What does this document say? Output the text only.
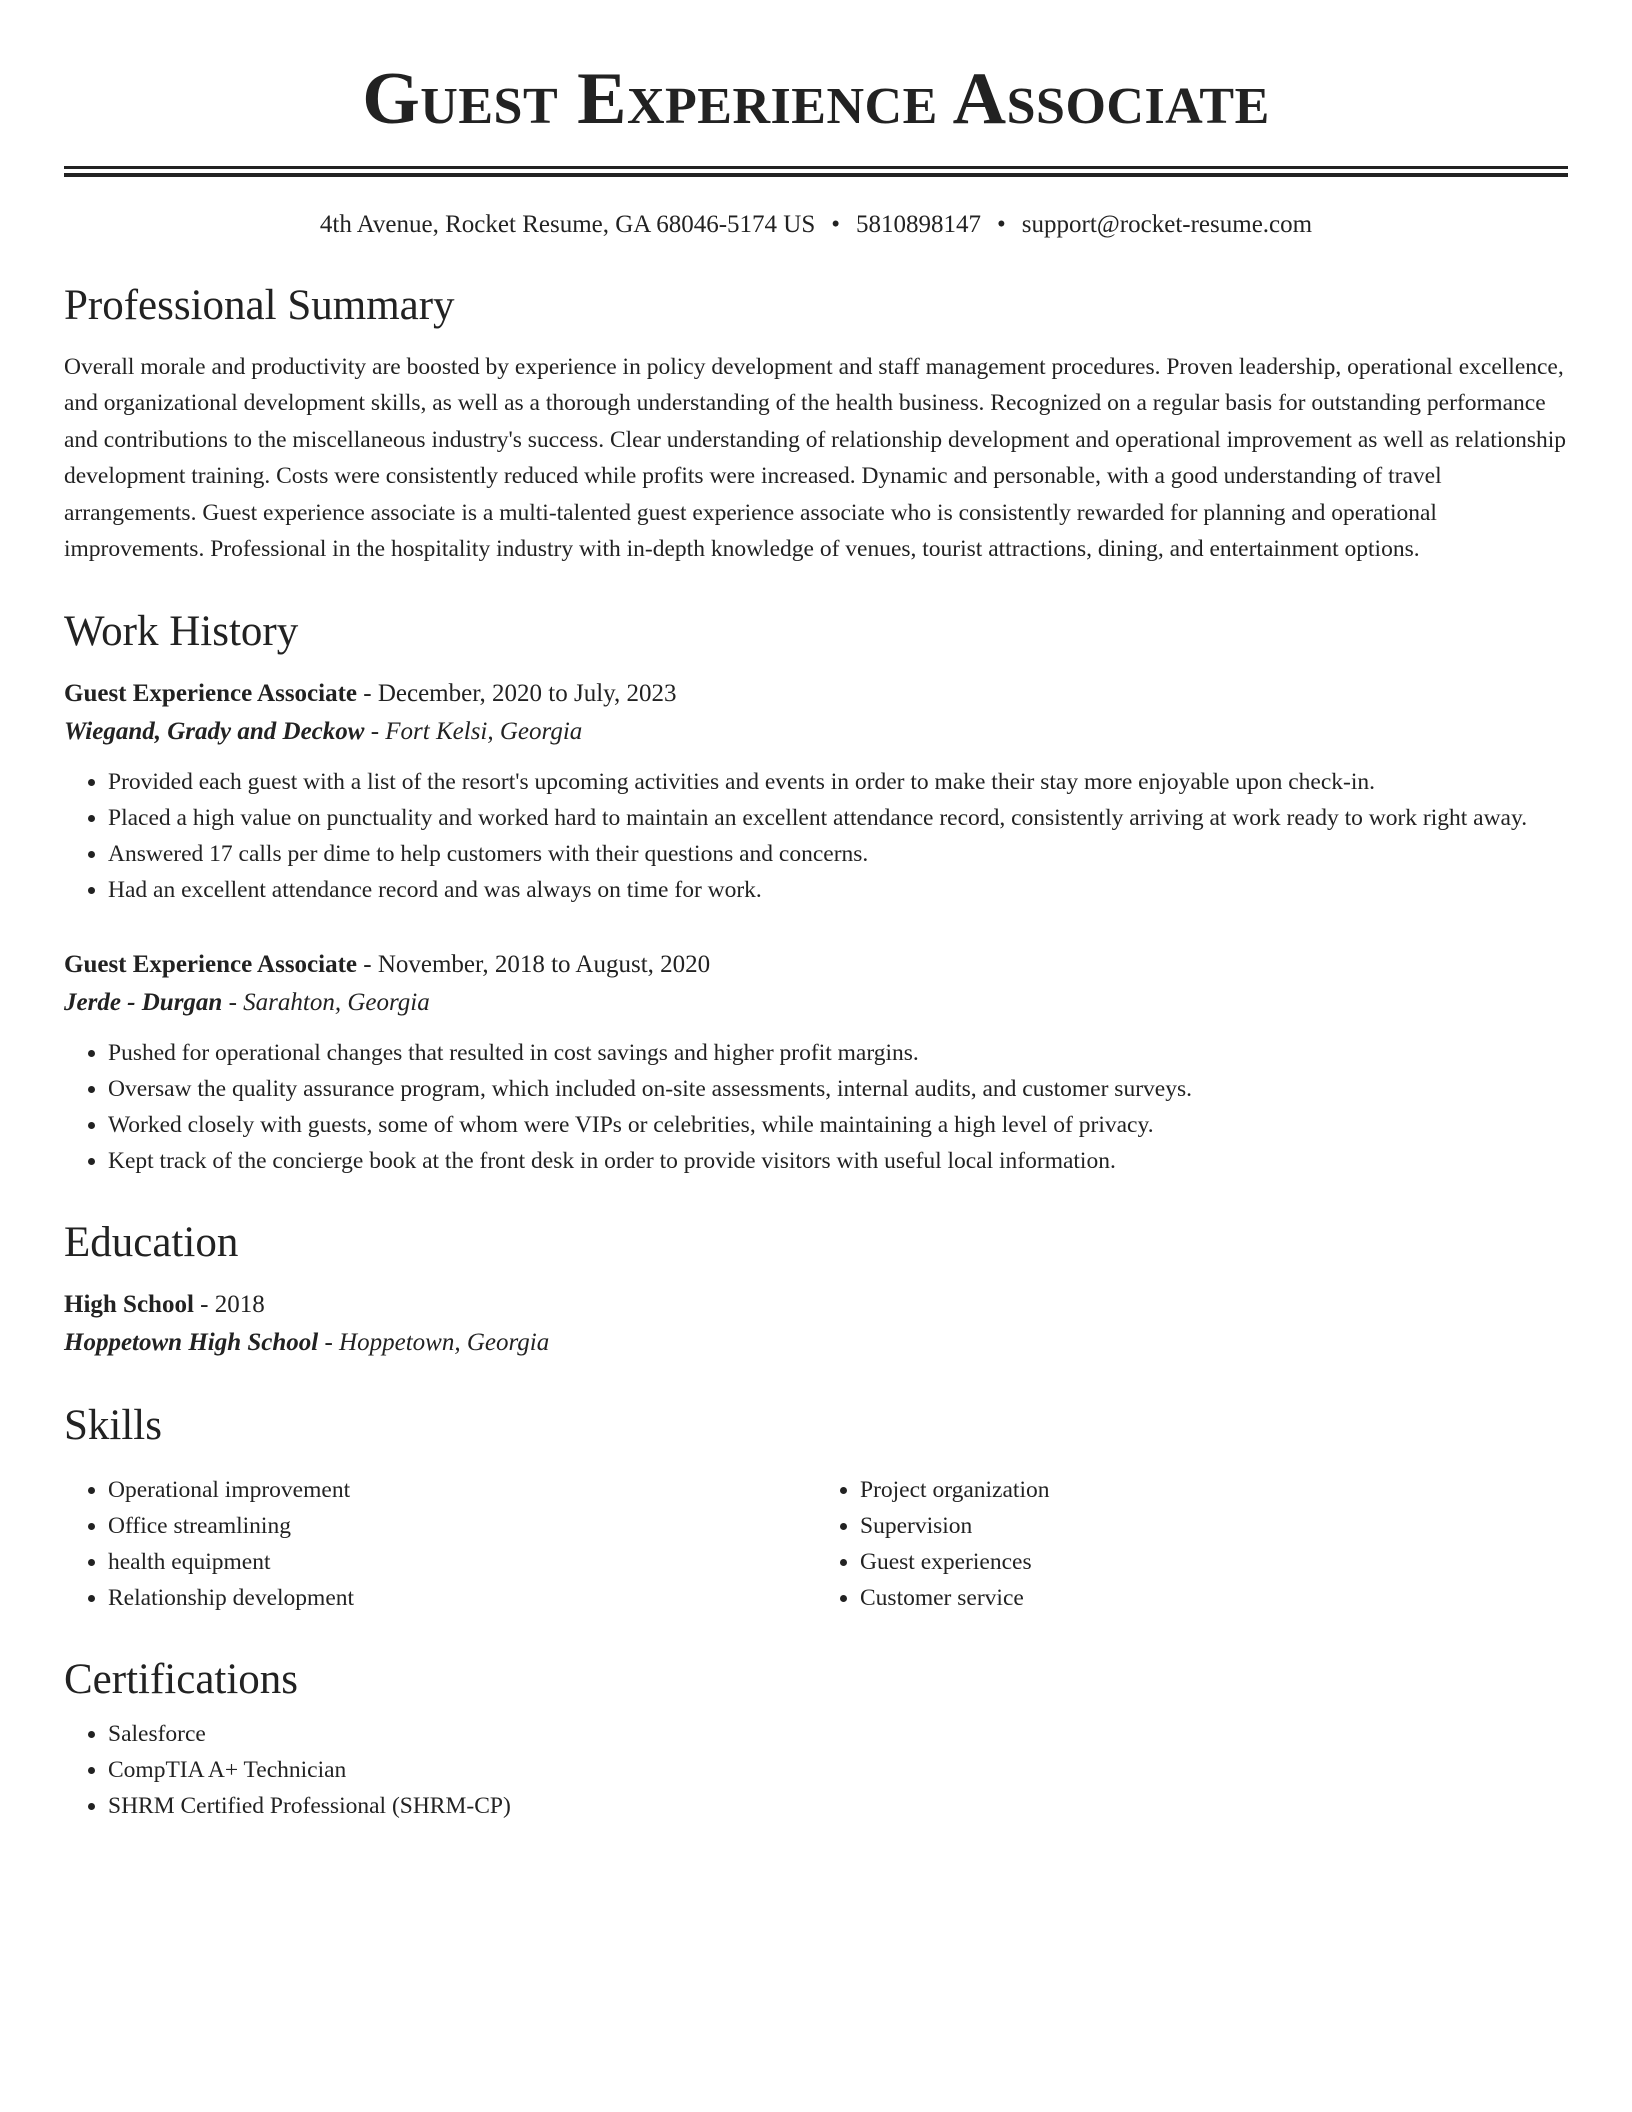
Guest Experience Associate
4th Avenue, Rocket Resume, GA 68046-5174 US • 5810898147 • support@rocket-resume.com
Professional Summary

Overall morale and productivity are boosted by experience in policy development and staff management procedures. Proven leadership, operational excellence, and organizational development skills, as well as a thorough understanding of the health business. Recognized on a regular basis for outstanding performance and contributions to the miscellaneous industry's success. Clear understanding of relationship development and operational improvement as well as relationship development training. Costs were consistently reduced while profits were increased. Dynamic and personable, with a good understanding of travel arrangements. Guest experience associate is a multi-talented guest experience associate who is consistently rewarded for planning and operational improvements. Professional in the hospitality industry with in-depth knowledge of venues, tourist attractions, dining, and entertainment options.

Work History
Guest Experience Associate - December, 2020 to July, 2023
Wiegand, Grady and Deckow - Fort Kelsi, Georgia
• Provided each guest with a list of the resort's upcoming activities and events in order to make their stay more enjoyable upon check-in.
• Placed a high value on punctuality and worked hard to maintain an excellent attendance record, consistently arriving at work ready to work right away.
• Answered 17 calls per dime to help customers with their questions and concerns.
• Had an excellent attendance record and was always on time for work.
Guest Experience Associate - November, 2018 to August, 2020
Jerde - Durgan - Sarahton, Georgia
• Pushed for operational changes that resulted in cost savings and higher profit margins.
• Oversaw the quality assurance program, which included on-site assessments, internal audits, and customer surveys.
• Worked closely with guests, some of whom were VIPs or celebrities, while maintaining a high level of privacy.
• Kept track of the concierge book at the front desk in order to provide visitors with useful local information.
Education
High School - 2018
Hoppetown High School - Hoppetown, Georgia
Skills
• Operational improvement
• Office streamlining
• health equipment
• Relationship development
• Project organization
• Supervision
• Guest experiences
• Customer service
Certifications
• Salesforce
• CompTIA A+ Technician
• SHRM Certified Professional (SHRM-CP)
